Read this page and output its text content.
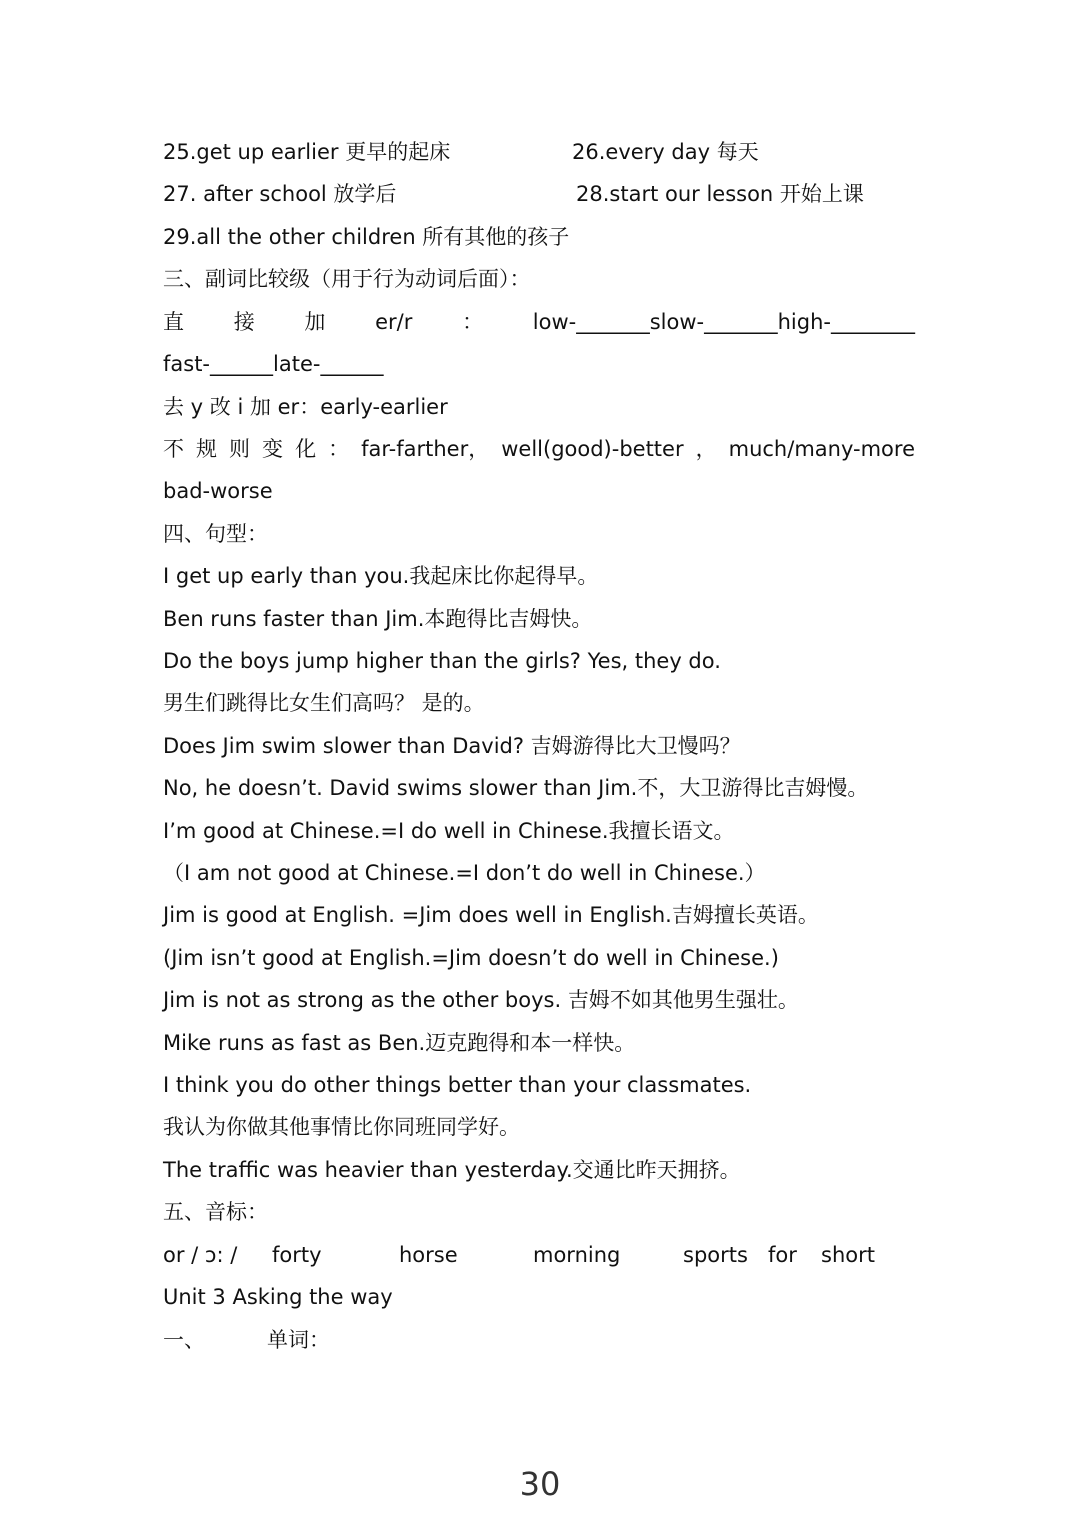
25.get up earlier 更早的起床	26.every day 每天
27. after school 放学后	28.start our lesson 开始上课
29.all the other children 所有其他的孩子
三、副词比较级（用于行为动词后面）：
直 接 加 er/r ： low-_______slow-_______high-________
fast-______late-______
去 y 改 i 加 er：early-earlier
不 规 则 变 化 ： far-farther， well(good)-better ， much/many-more
bad-worse
四、句型：
I get up early than you.我起床比你起得早。
Ben runs faster than Jim.本跑得比吉姆快。
Do the boys jump higher than the girls? Yes, they do.
男生们跳得比女生们高吗？ 是的。
Does Jim swim slower than David? 吉姆游得比大卫慢吗？
No, he doesn’t. David swims slower than Jim.不，大卫游得比吉姆慢。
I’m good at Chinese.=I do well in Chinese.我擅长语文。
（I am not good at Chinese.=I don’t do well in Chinese.）
Jim is good at English. =Jim does well in English.吉姆擅长英语。
(Jim isn’t good at English.=Jim doesn’t do well in Chinese.)
Jim is not as strong as the other boys. 吉姆不如其他男生强壮。
Mike runs as fast as Ben.迈克跑得和本一样快。
I think you do other things better than your classmates.
我认为你做其他事情比你同班同学好。
The traffic was heavier than yesterday.交通比昨天拥挤。
五、音标：
or / ɔ: / forty	horse	morning	sports for short
Unit 3 Asking the way
一、	单词：
30
